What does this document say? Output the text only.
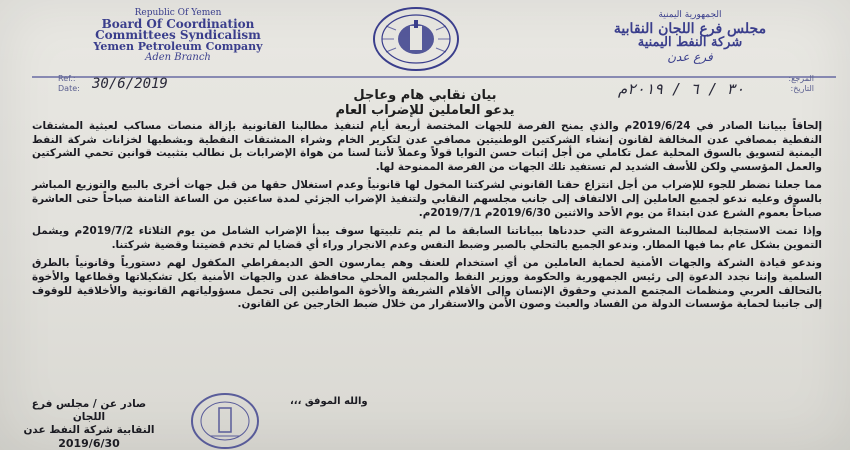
Republic Of Yemen
Board Of Coordination
Committees Syndicalism
Yemen Petroleum Company
Aden Branch
الجمهورية اليمنية
مجلس فرع اللجان النقابية
شركة النفط اليمنية
فرع عدن
Ref.:
Date: 30/6/2019	المرجع:
التاريخ:
٣٠ / ٦ / ٢٠١٩م
بيان نقابي هام وعاجل
يدعو العاملين للإضراب العام

إلحاقاً ببياننا الصادر في 2019/6/24م والذي يمنح الفرصة للجهات المختصة أربعة أيام لتنفيذ مطالبنا القانونية بإزالة منصات مساكب لعبثية المشتقات النفطية بمصافي عدن المخالفة لقانون إنشاء الشركتين الوطنيتين مصافي عدن لتكرير الخام وشراء المشتقات النفطية وبشطبها لخزانات شركة النفط اليمنية لتسويق بالسوق المحلية عمل تكاملي من أجل إثبات حسن النوايا قولاً وعملاً لأننا لسنا من هواة الإضرابات بل نطالب بتثبيت قوانين تحمي الشركتين والعمل المؤسسي ولكن للأسف الشديد لم تستفيد تلك الجهات من الفرصة الممنوحة لها.

مما جعلنا نضطر للجوء للإضراب من أجل انتزاع حقنا القانوني لشركتنا المخول لها قانونياً وعدم استغلال حقها من قبل جهات أخرى بالبيع والتوزيع المباشر بالسوق وعليه ندعو لجميع العاملين إلى الالتفاف إلى جانب مجلسهم النقابي ولتنفيذ الإضراب الجزئي لمدة ساعتين من الساعة الثامنة صباحاً حتى العاشرة صباحاً بعموم الشرع عدن ابتداءً من يوم الأحد والاثنين 2019/6/30م 2019/7/1م.

وإذا تمت الاستجابة لمطالبنا المشروعة التي حددناها ببياناتنا السابقة ما لم يتم تلبيتها سوف يبدأ الإضراب الشامل من يوم الثلاثاء 2019/7/2م ويشمل التموين بشكل عام بما فيها المطار. وندعو الجميع بالتحلي بالصبر وضبط النفس وعدم الانجرار وراء أي قضايا لم تخدم قضيتنا وقضية شركتنا.

وندعو قيادة الشركة والجهات الأمنية لحماية العاملين من أي استخدام للعنف وهم يمارسون الحق الديمقراطي المكفول لهم دستورياً وقانونياً بالطرق السلمية وإننا نجدد الدعوة إلى رئيس الجمهورية والحكومة ووزير النفط والمجلس المحلي محافظة عدن والجهات الأمنية بكل تشكيلاتها وقطاعها والأخوة بالتحالف العربي ومنظمات المجتمع المدني وحقوق الإنسان وإلى الأقلام الشريفة والأخوة المواطنين إلى تحمل مسؤولياتهم القانونية والأخلاقية للوقوف إلى جانبنا لحماية مؤسسات الدولة من الفساد والعبث وصون الأمن والاستقرار من خلال ضبط الخارجين عن القانون.

والله الموفق ،،،
صادر عن / مجلس فرع اللجان
النقابية شركة النفط عدن
2019/6/30
